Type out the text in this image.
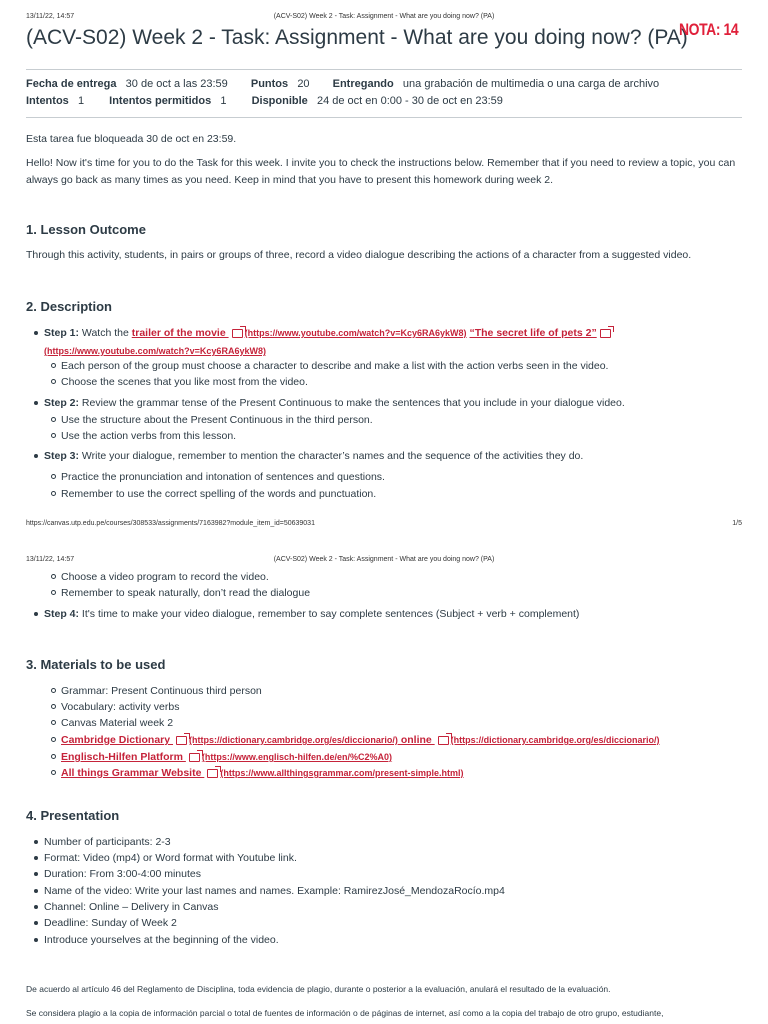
13/11/22, 14:57	(ACV-S02) Week 2 - Task: Assignment - What are you doing now? (PA)
(ACV-S02) Week 2 - Task: Assignment - What are you doing now? (PA)
NOTA: 14
Fecha de entrega 30 de oct a las 23:59 Puntos 20 Entregando una grabación de multimedia o una carga de archivo
Intentos 1 Intentos permitidos 1 Disponible 24 de oct en 0:00 - 30 de oct en 23:59

Esta tarea fue bloqueada 30 de oct en 23:59.

Hello! Now it's time for you to do the Task for this week. I invite you to check the instructions below. Remember that if you need to review a topic, you can always go back as many times as you need. Keep in mind that you have to present this homework during week 2.

1. Lesson Outcome

Through this activity, students, in pairs or groups of three, record a video dialogue describing the actions of a character from a suggested video.

2. Description
Step 1: Watch the trailer of the movie (https://www.youtube.com/watch?v=Kcy6RA6ykW8) “The secret life of pets 2”
(https://www.youtube.com/watch?v=Kcy6RA6ykW8)
Each person of the group must choose a character to describe and make a list with the action verbs seen in the video.
Choose the scenes that you like most from the video.
Step 2: Review the grammar tense of the Present Continuous to make the sentences that you include in your dialogue video.
Use the structure about the Present Continuous in the third person.
Use the action verbs from this lesson.
Step 3: Write your dialogue, remember to mention the character’s names and the sequence of the activities they do.
Practice the pronunciation and intonation of sentences and questions.
Remember to use the correct spelling of the words and punctuation.
https://canvas.utp.edu.pe/courses/308533/assignments/7163982?module_item_id=50639031	1/5
13/11/22, 14:57	(ACV-S02) Week 2 - Task: Assignment - What are you doing now? (PA)
Choose a video program to record the video.
Remember to speak naturally, don’t read the dialogue
Step 4: It's time to make your video dialogue, remember to say complete sentences (Subject + verb + complement)
3. Materials to be used
Grammar: Present Continuous third person
Vocabulary: activity verbs
Canvas Material week 2
Cambridge Dictionary (https://dictionary.cambridge.org/es/diccionario/) online (https://dictionary.cambridge.org/es/diccionario/)
Englisch-Hilfen Platform (https://www.englisch-hilfen.de/en/%C2%A0)
All things Grammar Website (https://www.allthingsgrammar.com/present-simple.html)
4. Presentation
Number of participants: 2-3
Format: Video (mp4) or Word format with Youtube link.
Duration: From 3:00-4:00 minutes
Name of the video: Write your last names and names. Example: RamirezJosé_MendozaRocío.mp4
Channel: Online – Delivery in Canvas
Deadline: Sunday of Week 2
Introduce yourselves at the beginning of the video.

De acuerdo al artículo 46 del Reglamento de Disciplina, toda evidencia de plagio, durante o posterior a la evaluación, anulará el resultado de la evaluación.

Se considera plagio a la copia de información parcial o total de fuentes de información o de páginas de internet, así como a la copia del trabajo de otro grupo, estudiante,
